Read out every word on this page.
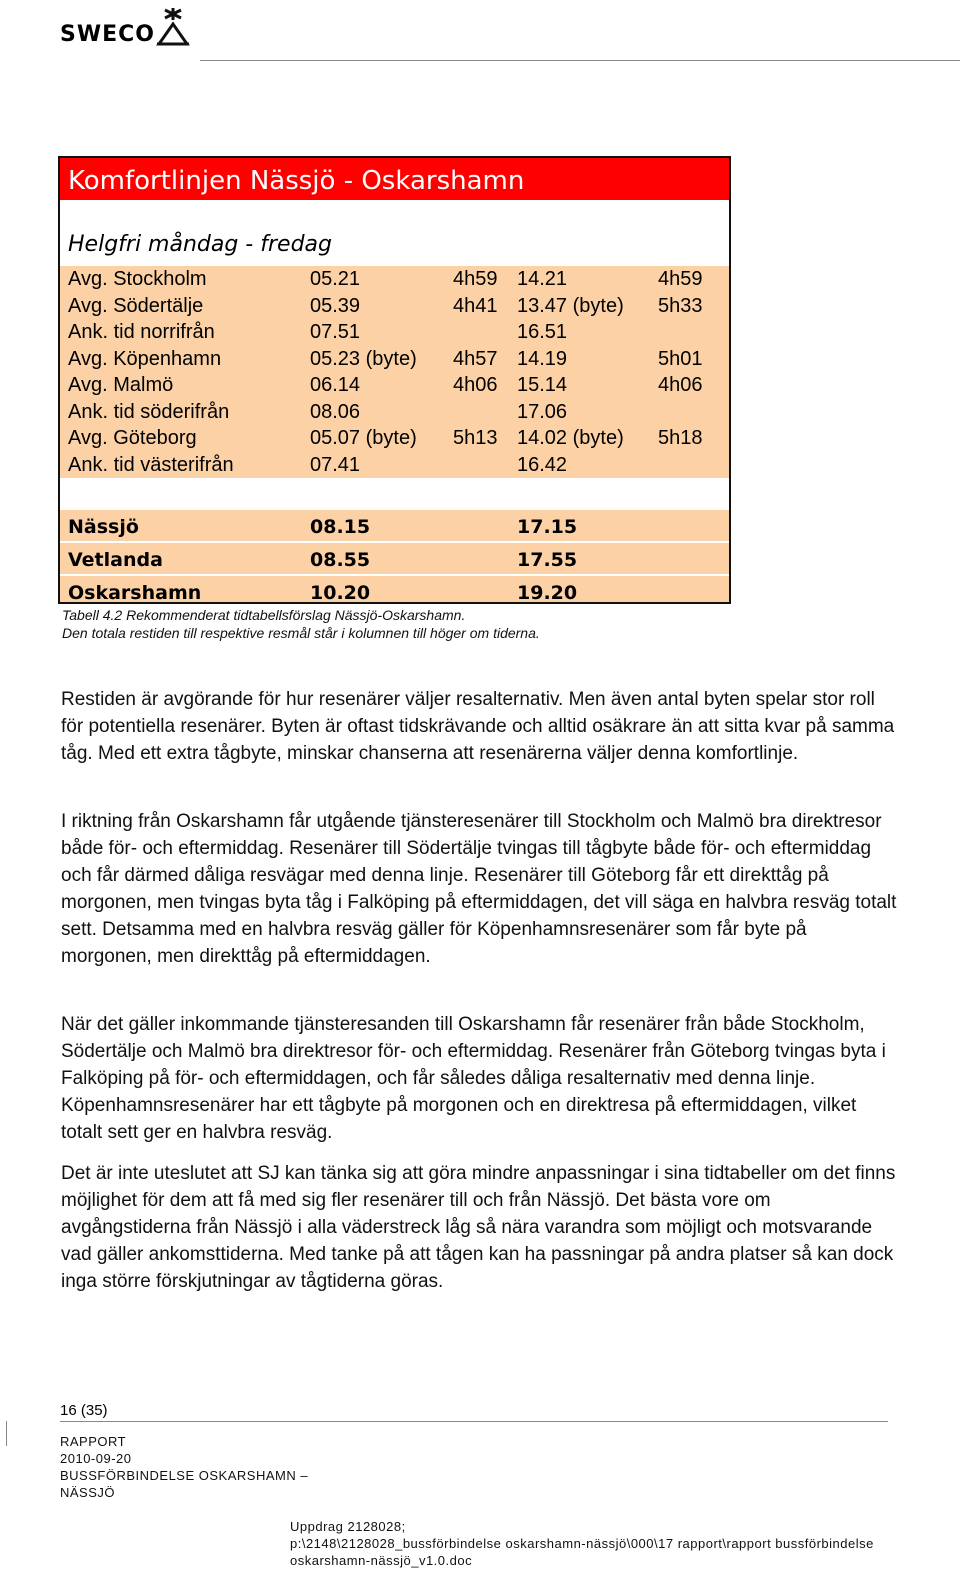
SWECO
Komfortlinjen Nässjö - Oskarshamn
Helgfri måndag - fredag
Avg. Stockholm	05.21	4h59 14.21	4h59
Avg. Södertälje	05.39	4h41 13.47 (byte) 5h33
Ank. tid norrifrån	07.51	16.51
Avg. Köpenhamn	05.23 (byte) 4h57 14.19	5h01
Avg. Malmö	06.14	4h06 15.14	4h06
Ank. tid söderifrån	08.06	17.06
Avg. Göteborg	05.07 (byte) 5h13 14.02 (byte) 5h18
Ank. tid västerifrån	07.41	16.42
Nässjö	08.15	17.15
Vetlanda	08.55	17.55
Oskarshamn	10.20	19.20
Tabell 4.2 Rekommenderat tidtabellsförslag Nässjö-Oskarshamn.
Den totala restiden till respektive resmål står i kolumnen till höger om tiderna.
Restiden är avgörande för hur resenärer väljer resalternativ. Men även antal byten spelar stor roll för potentiella resenärer. Byten är oftast tidskrävande och alltid osäkrare än att sitta kvar på samma tåg. Med ett extra tågbyte, minskar chanserna att resenärerna väljer denna komfortlinje.
I riktning från Oskarshamn får utgående tjänsteresenärer till Stockholm och Malmö bra direktresor både för- och eftermiddag. Resenärer till Södertälje tvingas till tågbyte både för- och eftermiddag och får därmed dåliga resvägar med denna linje. Resenärer till Göteborg får ett direkttåg på morgonen, men tvingas byta tåg i Falköping på eftermiddagen, det vill säga en halvbra resväg totalt sett. Detsamma med en halvbra resväg gäller för Köpenhamnsresenärer som får byte på morgonen, men direkttåg på eftermiddagen.
När det gäller inkommande tjänsteresanden till Oskarshamn får resenärer från både Stockholm, Södertälje och Malmö bra direktresor för- och eftermiddag. Resenärer från Göteborg tvingas byta i Falköping på för- och eftermiddagen, och får således dåliga resalternativ med denna linje. Köpenhamnsresenärer har ett tågbyte på morgonen och en direktresa på eftermiddagen, vilket totalt sett ger en halvbra resväg.
Det är inte uteslutet att SJ kan tänka sig att göra mindre anpassningar i sina tidtabeller om det finns möjlighet för dem att få med sig fler resenärer till och från Nässjö. Det bästa vore om avgångstiderna från Nässjö i alla väderstreck låg så nära varandra som möjligt och motsvarande vad gäller ankomsttiderna. Med tanke på att tågen kan ha passningar på andra platser så kan dock inga större förskjutningar av tågtiderna göras.
16 (35)
RAPPORT
2010-09-20
BUSSFÖRBINDELSE OSKARSHAMN –
NÄSSJÖ
Uppdrag 2128028;
p:\2148\2128028_bussförbindelse oskarshamn-nässjö\000\17 rapport\rapport bussförbindelse
oskarshamn-nässjö_v1.0.doc
